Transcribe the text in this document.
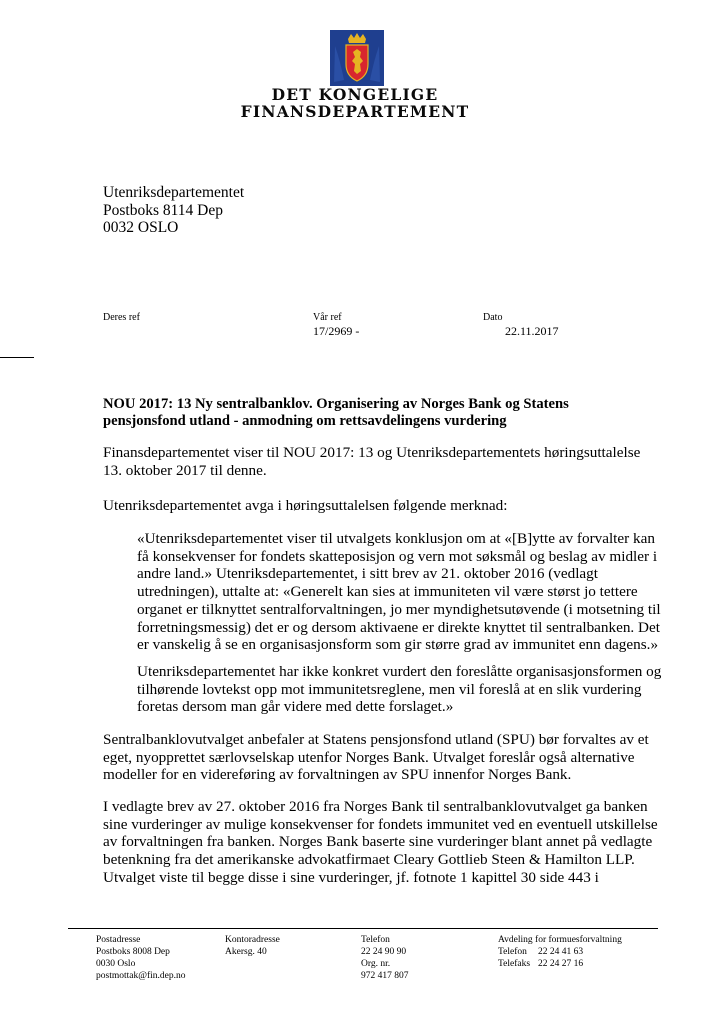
DET KONGELIGE
FINANSDEPARTEMENT
Utenriksdepartementet
Postboks 8114 Dep
0032 OSLO
Deres ref	Vår ref
17/2969 -
Dato
22.11.2017
NOU 2017: 13 Ny sentralbanklov. Organisering av Norges Bank og Statens pensjonsfond utland - anmodning om rettsavdelingens vurdering
Finansdepartementet viser til NOU 2017: 13 og Utenriksdepartementets høringsuttalelse 13. oktober 2017 til denne.
Utenriksdepartementet avga i høringsuttalelsen følgende merknad:
«Utenriksdepartementet viser til utvalgets konklusjon om at «[B]ytte av forvalter kan få konsekvenser for fondets skatteposisjon og vern mot søksmål og beslag av midler i andre land.» Utenriksdepartementet, i sitt brev av 21. oktober 2016 (vedlagt utredningen), uttalte at: «Generelt kan sies at immuniteten vil være størst jo tettere organet er tilknyttet sentralforvaltningen, jo mer myndighetsutøvende (i motsetning til forretningsmessig) det er og dersom aktivaene er direkte knyttet til sentralbanken. Det er vanskelig å se en organisasjonsform som gir større grad av immunitet enn dagens.»
Utenriksdepartementet har ikke konkret vurdert den foreslåtte organisasjonsformen og tilhørende lovtekst opp mot immunitetsreglene, men vil foreslå at en slik vurdering foretas dersom man går videre med dette forslaget.»
Sentralbanklovutvalget anbefaler at Statens pensjonsfond utland (SPU) bør forvaltes av et eget, nyopprettet særlovselskap utenfor Norges Bank. Utvalget foreslår også alternative modeller for en videreføring av forvaltningen av SPU innenfor Norges Bank.
I vedlagte brev av 27. oktober 2016 fra Norges Bank til sentralbanklovutvalget ga banken sine vurderinger av mulige konsekvenser for fondets immunitet ved en eventuell utskillelse av forvaltningen fra banken. Norges Bank baserte sine vurderinger blant annet på vedlagte betenkning fra det amerikanske advokatfirmaet Cleary Gottlieb Steen & Hamilton LLP. Utvalget viste til begge disse i sine vurderinger, jf. fotnote 1 kapittel 30 side 443 i
Postadresse
Postboks 8008 Dep
0030 Oslo
postmottak@fin.dep.no
Kontoradresse
Akersg. 40
Telefon
22 24 90 90
Org. nr.
972 417 807
Avdeling for formuesforvaltning
Telefon 22 24 41 63
Telefaks 22 24 27 16
